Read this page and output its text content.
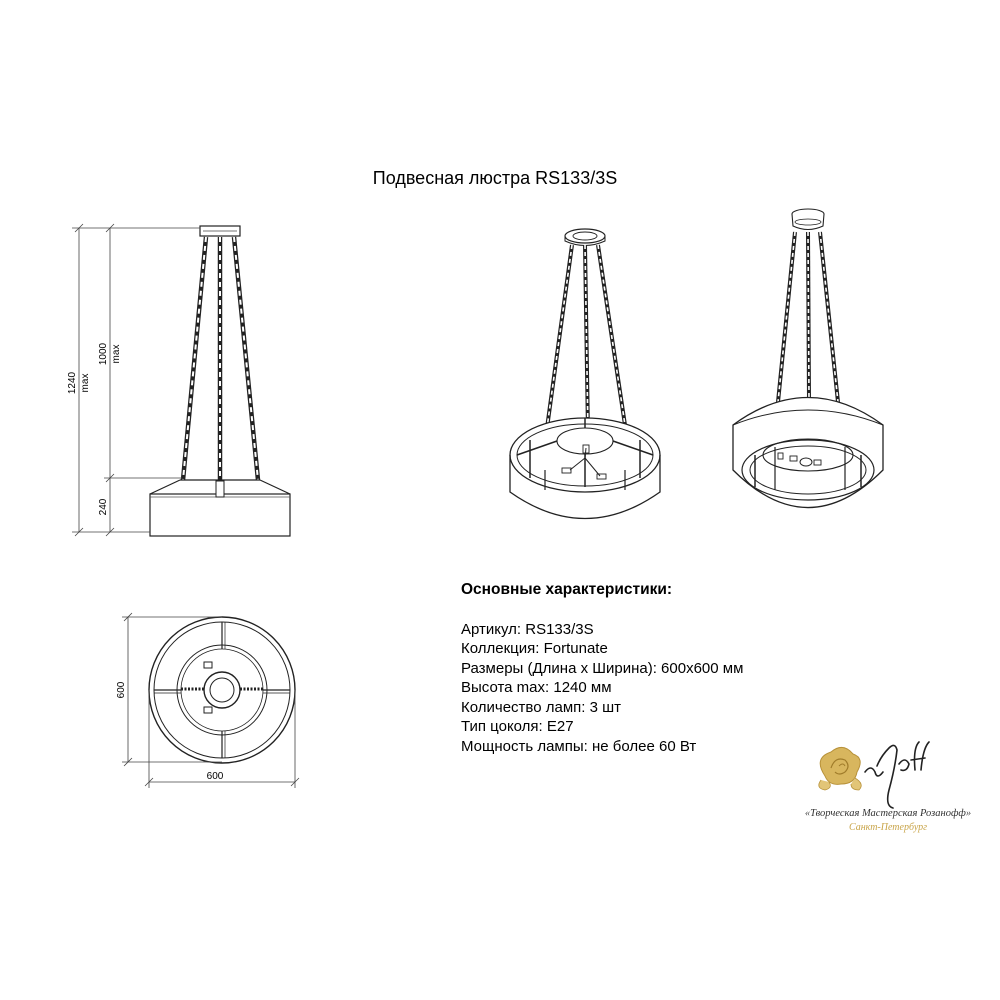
Подвесная люстра RS133/3S
1240 max
1000 max
240
600
600
Основные характеристики:

Артикул: RS133/3S

Коллекция: Fortunate

Размеры (Длина х Ширина): 600х600 мм

Высота max: 1240 мм

Количество ламп: 3 шт

Тип цоколя: Е27

Мощность лампы: не более 60 Вт

«Творческая Мастерская Розанофф»
Санкт-Петербург
